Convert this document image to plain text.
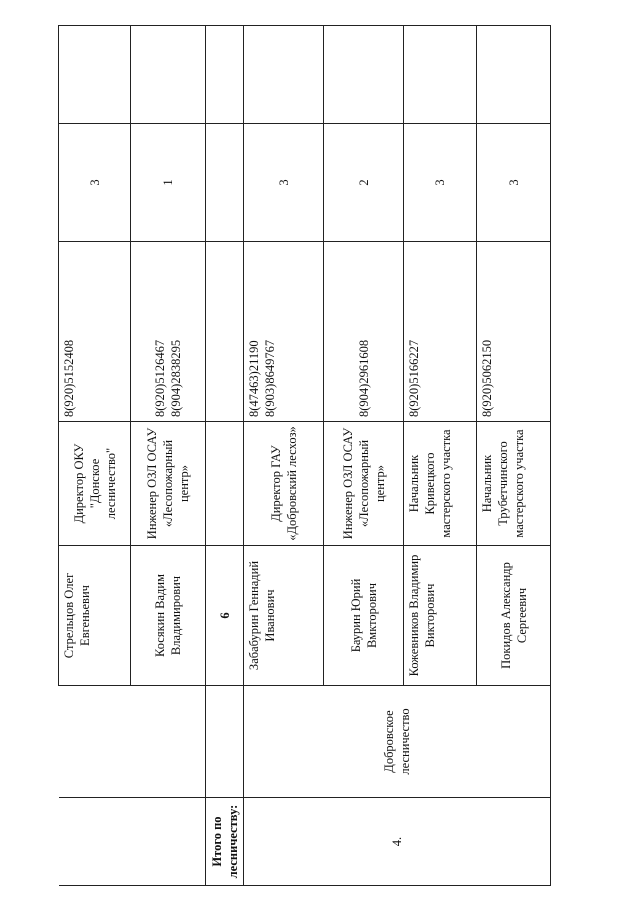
		Стрельцов Олег Евгеньевич	Директор ОКУ "Донское лесничество"	8(920)5152408	3	
		Косякин Вадим Владимирович	Инженер ОЗЛ ОСАУ «Лесопожарный центр»	8(920)5126467 8(904)2838295	1	
Итого по лесничеству:		6				
4.	Добровское лесничество	Забабурин Геннадий Иванович	Директор ГАУ «Добровский лесхоз»	8(47463)21190 8(903)8649767	3	
		Баурин Юрий Вмкторович	Инженер ОЗЛ ОСАУ «Лесопожарный центр»	8(904)2961608	2	
		Кожевников Владимир Викторович	Начальник Кривецкого мастерского участка	8(920)5166227	3	
		Покидов Александр Сергеевич	Начальник Трубетчинского мастерского участка	8(920)5062150	3	
